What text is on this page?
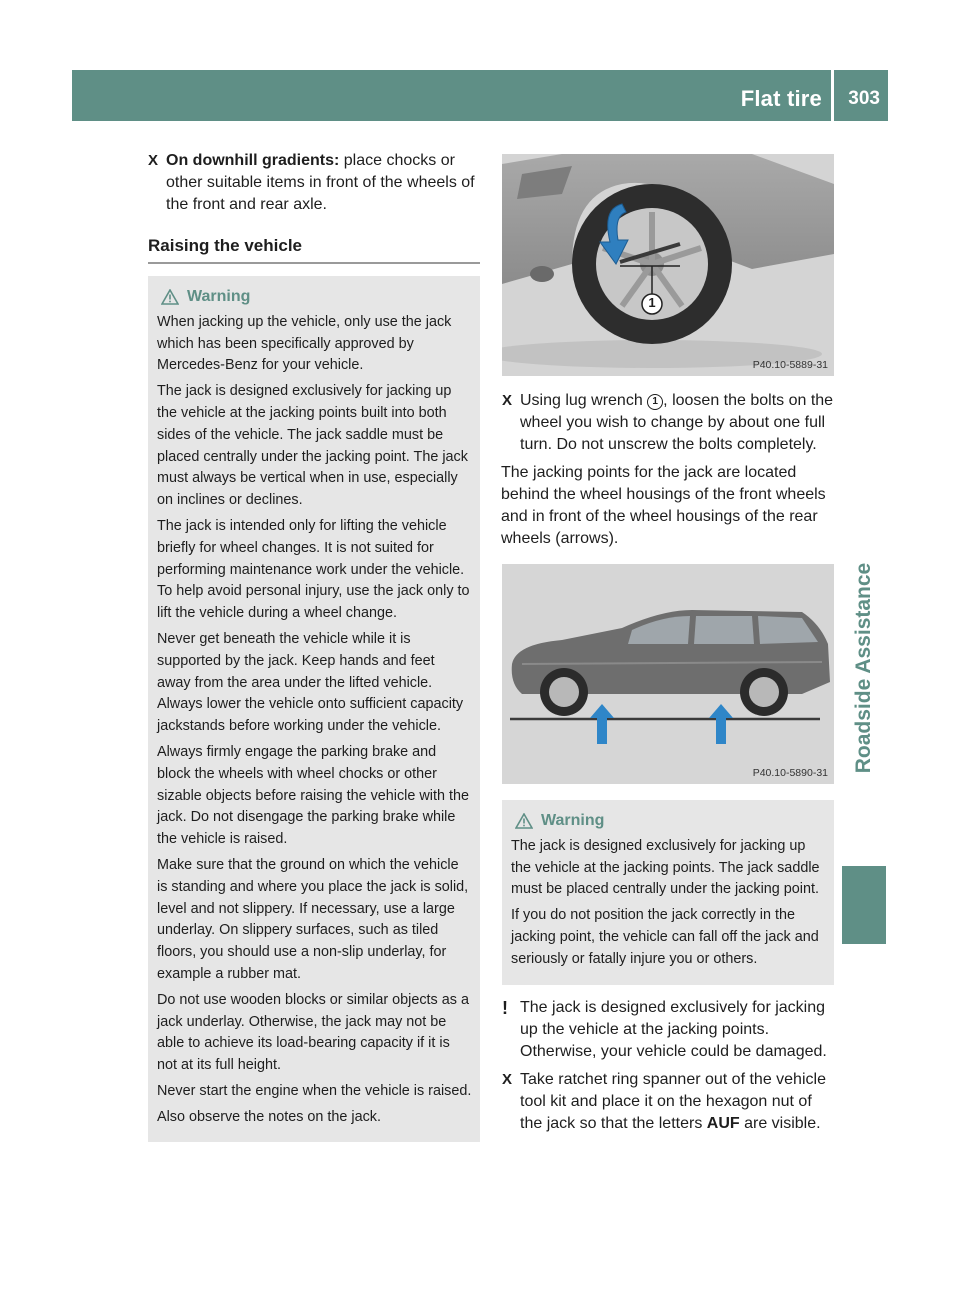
Flat tire 303
Roadside Assistance
X On downhill gradients: place chocks or other suitable items in front of the wheels of the front and rear axle.
Raising the vehicle
Warning

When jacking up the vehicle, only use the jack which has been specifically approved by Mercedes-Benz for your vehicle.

The jack is designed exclusively for jacking up the vehicle at the jacking points built into both sides of the vehicle. The jack saddle must be placed centrally under the jacking point. The jack must always be vertical when in use, especially on inclines or declines.

The jack is intended only for lifting the vehicle briefly for wheel changes. It is not suited for performing maintenance work under the vehicle. To help avoid personal injury, use the jack only to lift the vehicle during a wheel change.

Never get beneath the vehicle while it is supported by the jack. Keep hands and feet away from the area under the lifted vehicle. Always lower the vehicle onto sufficient capacity jackstands before working under the vehicle.

Always firmly engage the parking brake and block the wheels with wheel chocks or other sizable objects before raising the vehicle with the jack. Do not disengage the parking brake while the vehicle is raised.

Make sure that the ground on which the vehicle is standing and where you place the jack is solid, level and not slippery. If necessary, use a large underlay. On slippery surfaces, such as tiled floors, you should use a non-slip underlay, for example a rubber mat.

Do not use wooden blocks or similar objects as a jack underlay. Otherwise, the jack may not be able to achieve its load-bearing capacity if it is not at its full height.

Never start the engine when the vehicle is raised.

Also observe the notes on the jack.

1
P40.10-5889-31
X Using lug wrench 1 , loosen the bolts on the wheel you wish to change by about one full turn. Do not unscrew the bolts completely.

The jacking points for the jack are located behind the wheel housings of the front wheels and in front of the wheel housings of the rear wheels (arrows).

P40.10-5890-31
Warning

The jack is designed exclusively for jacking up the vehicle at the jacking points. The jack saddle must be placed centrally under the jacking point.

If you do not position the jack correctly in the jacking point, the vehicle can fall off the jack and seriously or fatally injure you or others.

! The jack is designed exclusively for jacking up the vehicle at the jacking points. Otherwise, your vehicle could be damaged.
X Take ratchet ring spanner out of the vehicle tool kit and place it on the hexagon nut of the jack so that the letters AUF are visible.
